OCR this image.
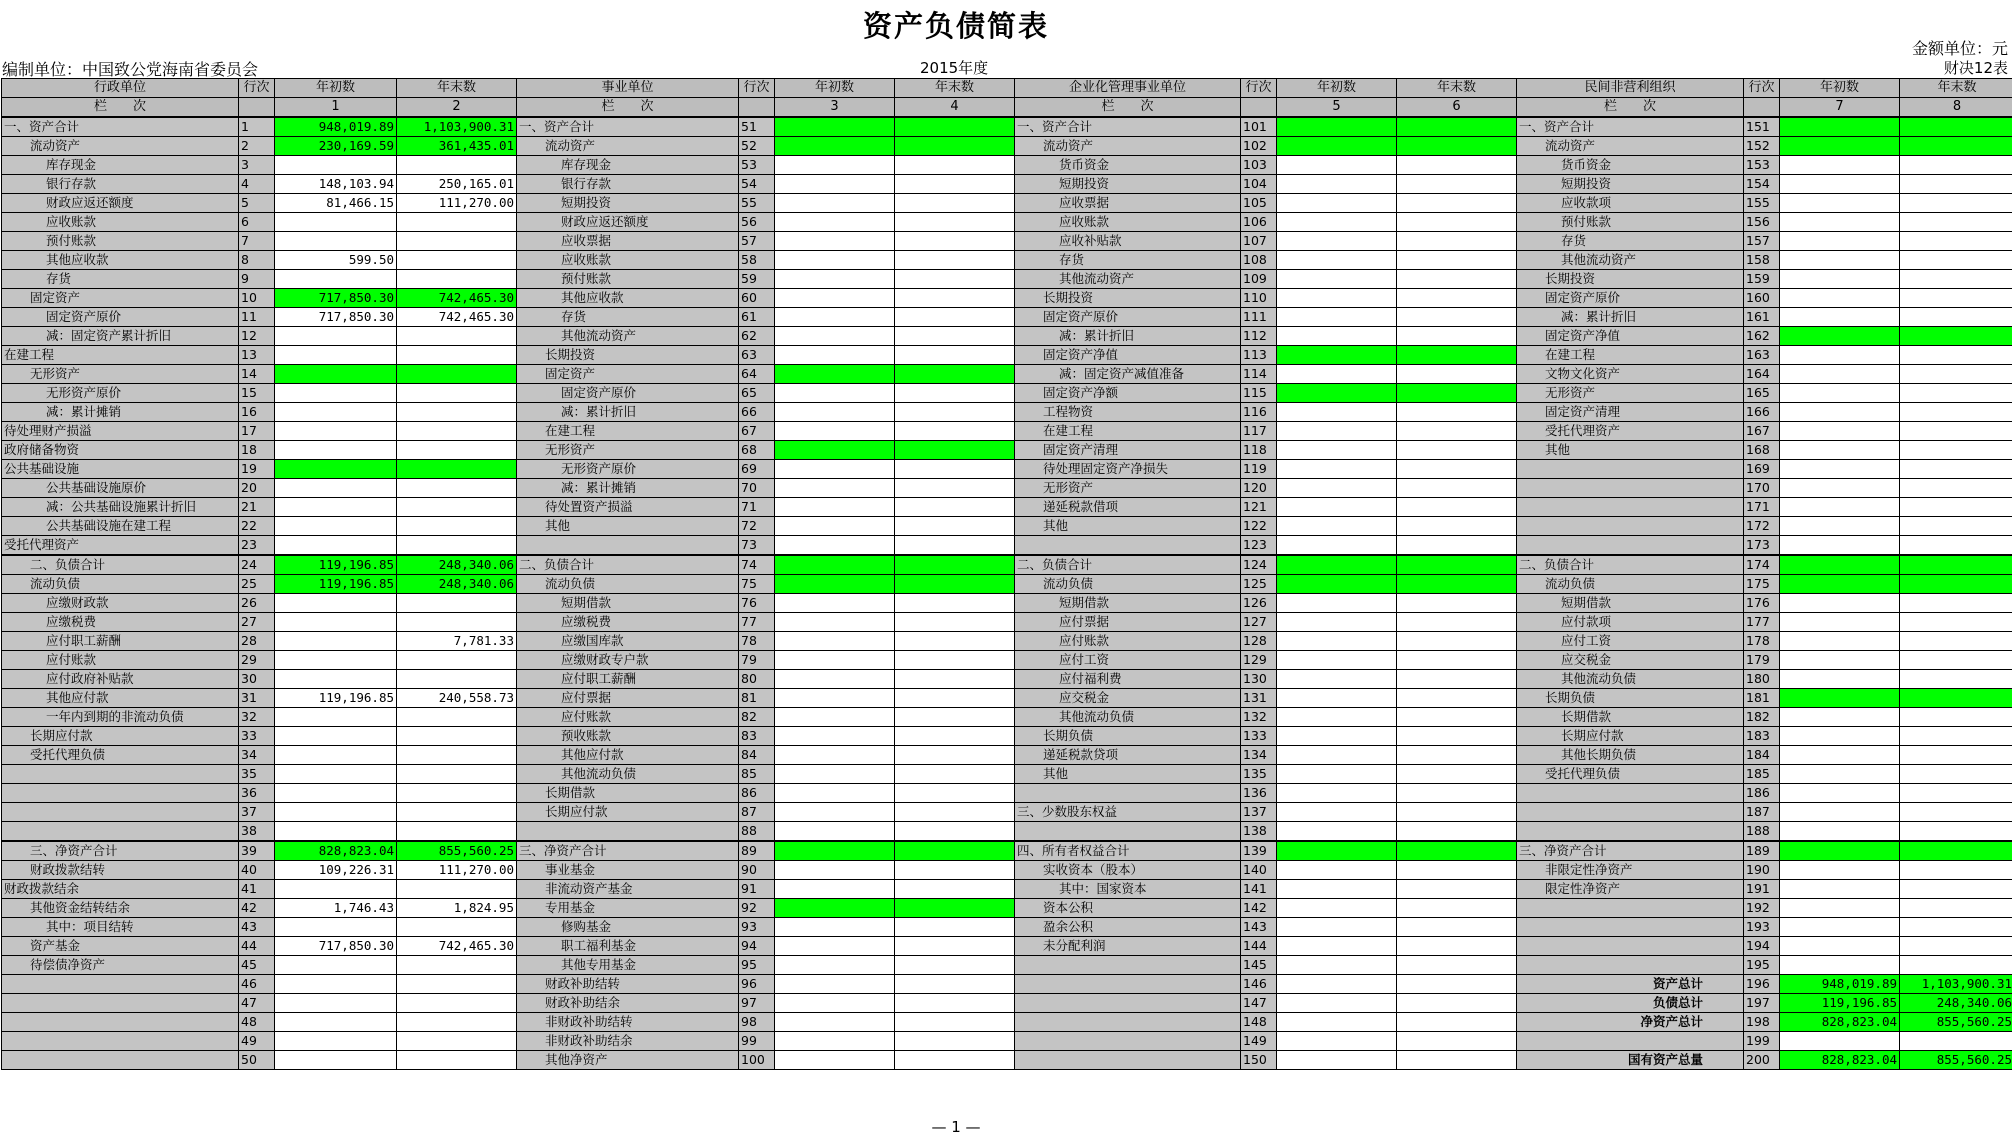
资产负债简表
金额单位：元
编制单位：中国致公党海南省委员会	2015年度	财决12表
行政单位	行次	年初数	年末数	事业单位	行次	年初数	年末数	企业化管理事业单位	行次	年初数	年末数	民间非营利组织	行次	年初数	年末数
栏　　次		1	2	栏　　次		3	4	栏　　次		5	6	栏　　次		7	8
一、资产合计	1	948,019.89	1,103,900.31	一、资产合计	51			一、资产合计	101			一、资产合计	151		
流动资产	2	230,169.59	361,435.01	流动资产	52			流动资产	102			流动资产	152		
库存现金	3			库存现金	53			货币资金	103			货币资金	153		
银行存款	4	148,103.94	250,165.01	银行存款	54			短期投资	104			短期投资	154		
财政应返还额度	5	81,466.15	111,270.00	短期投资	55			应收票据	105			应收款项	155		
应收账款	6			财政应返还额度	56			应收账款	106			预付账款	156		
预付账款	7			应收票据	57			应收补贴款	107			存货	157		
其他应收款	8	599.50		应收账款	58			存货	108			其他流动资产	158		
存货	9			预付账款	59			其他流动资产	109			长期投资	159		
固定资产	10	717,850.30	742,465.30	其他应收款	60			长期投资	110			固定资产原价	160		
固定资产原价	11	717,850.30	742,465.30	存货	61			固定资产原价	111			减：累计折旧	161		
减：固定资产累计折旧	12			其他流动资产	62			减：累计折旧	112			固定资产净值	162		
在建工程	13			长期投资	63			固定资产净值	113			在建工程	163		
无形资产	14			固定资产	64			减：固定资产减值准备	114			文物文化资产	164		
无形资产原价	15			固定资产原价	65			固定资产净额	115			无形资产	165		
减：累计摊销	16			减：累计折旧	66			工程物资	116			固定资产清理	166		
待处理财产损溢	17			在建工程	67			在建工程	117			受托代理资产	167		
政府储备物资	18			无形资产	68			固定资产清理	118			其他	168		
公共基础设施	19			无形资产原价	69			待处理固定资产净损失	119				169		
公共基础设施原价	20			减：累计摊销	70			无形资产	120				170		
减：公共基础设施累计折旧	21			待处置资产损溢	71			递延税款借项	121				171		
公共基础设施在建工程	22			其他	72			其他	122				172		
受托代理资产	23				73				123				173		
二、负债合计	24	119,196.85	248,340.06	二、负债合计	74			二、负债合计	124			二、负债合计	174		
流动负债	25	119,196.85	248,340.06	流动负债	75			流动负债	125			流动负债	175		
应缴财政款	26			短期借款	76			短期借款	126			短期借款	176		
应缴税费	27			应缴税费	77			应付票据	127			应付款项	177		
应付职工薪酬	28		7,781.33	应缴国库款	78			应付账款	128			应付工资	178		
应付账款	29			应缴财政专户款	79			应付工资	129			应交税金	179		
应付政府补贴款	30			应付职工薪酬	80			应付福利费	130			其他流动负债	180		
其他应付款	31	119,196.85	240,558.73	应付票据	81			应交税金	131			长期负债	181		
一年内到期的非流动负债	32			应付账款	82			其他流动负债	132			长期借款	182		
长期应付款	33			预收账款	83			长期负债	133			长期应付款	183		
受托代理负债	34			其他应付款	84			递延税款贷项	134			其他长期负债	184		
	35			其他流动负债	85			其他	135			受托代理负债	185		
	36			长期借款	86				136				186		
	37			长期应付款	87			三、少数股东权益	137				187		
	38				88				138				188		
三、净资产合计	39	828,823.04	855,560.25	三、净资产合计	89			四、所有者权益合计	139			三、净资产合计	189		
财政拨款结转	40	109,226.31	111,270.00	事业基金	90			实收资本（股本）	140			非限定性净资产	190		
财政拨款结余	41			非流动资产基金	91			其中：国家资本	141			限定性净资产	191		
其他资金结转结余	42	1,746.43	1,824.95	专用基金	92			资本公积	142				192		
其中：项目结转	43			修购基金	93			盈余公积	143				193		
资产基金	44	717,850.30	742,465.30	职工福利基金	94			未分配利润	144				194		
待偿债净资产	45			其他专用基金	95				145				195		
	46			财政补助结转	96				146			资产总计	196	948,019.89	1,103,900.31
	47			财政补助结余	97				147			负债总计	197	119,196.85	248,340.06
	48			非财政补助结转	98				148			净资产总计	198	828,823.04	855,560.25
	49			非财政补助结余	99				149				199		
	50			其他净资产	100				150			国有资产总量	200	828,823.04	855,560.25
— 1 —
